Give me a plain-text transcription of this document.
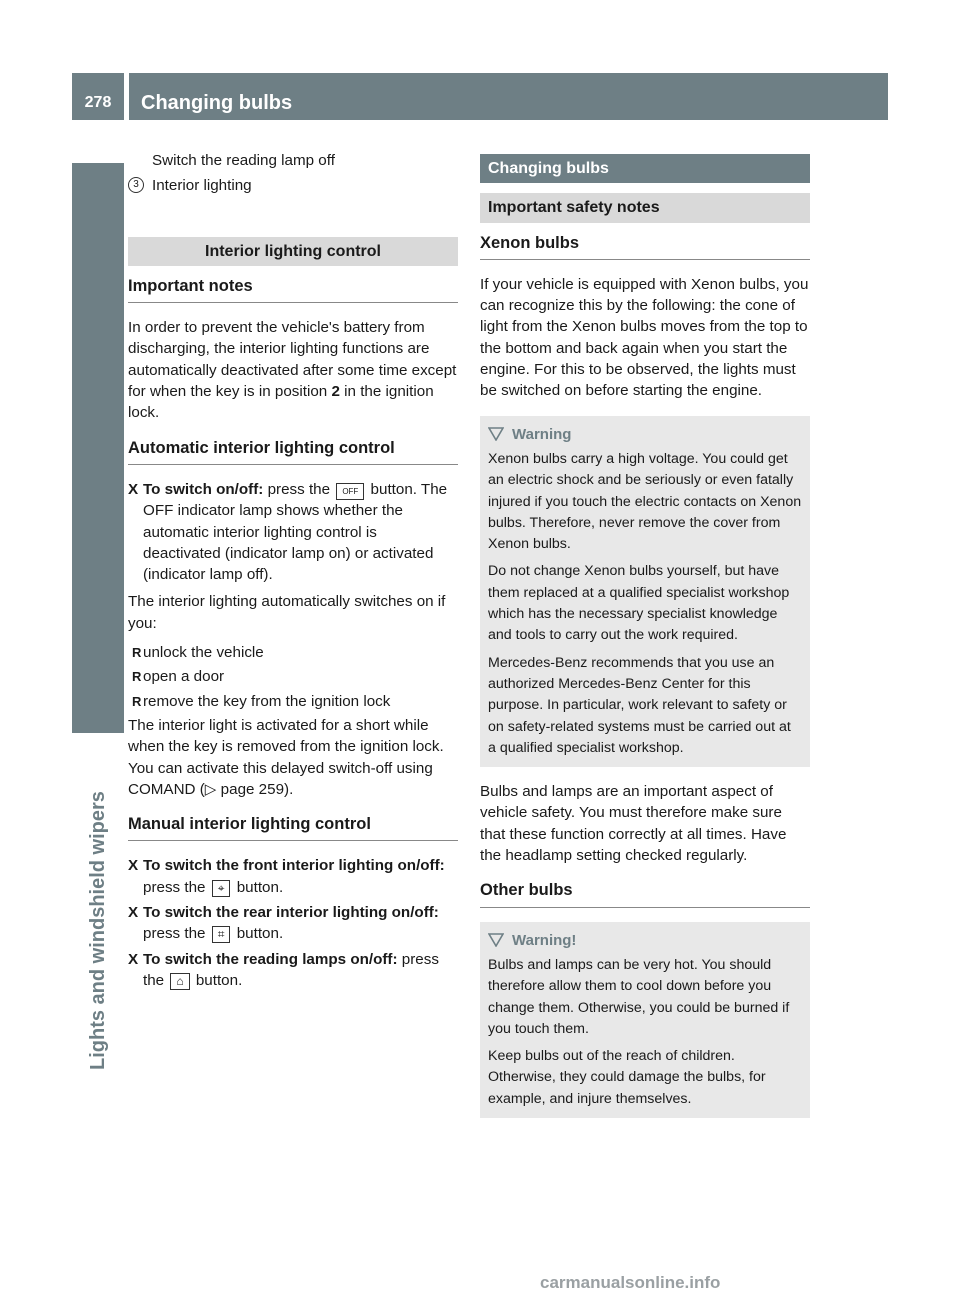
278	Changing bulbs
Lights and windshield wipers
Switch the reading lamp off
3 Interior lighting
Interior lighting control
Important notes
In order to prevent the vehicle's battery from discharging, the interior lighting functions are automatically deactivated after some time except for when the key is in position 2 in the ignition lock.
Automatic interior lighting control
X To switch on/off: press the OFF button. The OFF indicator lamp shows whether the automatic interior lighting control is deactivated (indicator lamp on) or activated (indicator lamp off).
The interior lighting automatically switches on if you:
R unlock the vehicle
R open a door
R remove the key from the ignition lock
The interior light is activated for a short while when the key is removed from the ignition lock. You can activate this delayed switch-off using COMAND (▷ page 259).
Manual interior lighting control
X To switch the front interior lighting on/off: press the ⌖ button.
X To switch the rear interior lighting on/off: press the ⌗ button.
X To switch the reading lamps on/off: press the ⌂ button.
Changing bulbs
Important safety notes
Xenon bulbs
If your vehicle is equipped with Xenon bulbs, you can recognize this by the following: the cone of light from the Xenon bulbs moves from the top to the bottom and back again when you start the engine. For this to be observed, the lights must be switched on before starting the engine.
Warning

Xenon bulbs carry a high voltage. You could get an electric shock and be seriously or even fatally injured if you touch the electric contacts on Xenon bulbs. Therefore, never remove the cover from Xenon bulbs.

Do not change Xenon bulbs yourself, but have them replaced at a qualified specialist workshop which has the necessary specialist knowledge and tools to carry out the work required.

Mercedes-Benz recommends that you use an authorized Mercedes-Benz Center for this purpose. In particular, work relevant to safety or on safety-related systems must be carried out at a qualified specialist workshop.

Bulbs and lamps are an important aspect of vehicle safety. You must therefore make sure that these function correctly at all times. Have the headlamp setting checked regularly.
Other bulbs
Warning!

Bulbs and lamps can be very hot. You should therefore allow them to cool down before you change them. Otherwise, you could be burned if you touch them.

Keep bulbs out of the reach of children. Otherwise, they could damage the bulbs, for example, and injure themselves.

carmanualsonline.info
